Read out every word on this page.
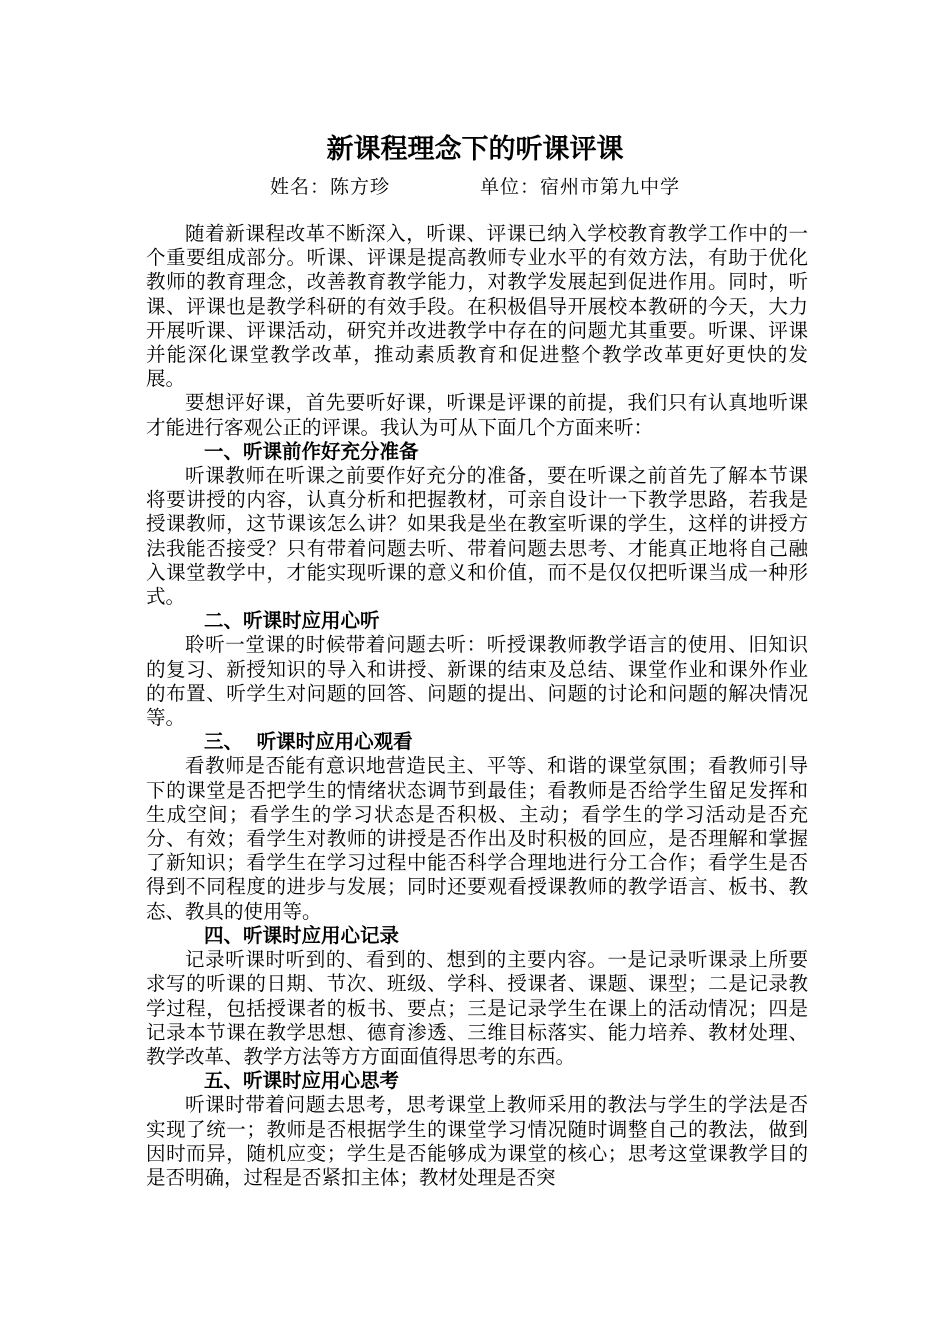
新课程理念下的听课评课
姓名：陈方珍	单位：宿州市第九中学

随着新课程改革不断深入，听课、评课已纳入学校教育教学工作中的一个重要组成部分。听课、评课是提高教师专业水平的有效方法，有助于优化教师的教育理念，改善教育教学能力，对教学发展起到促进作用。同时，听课、评课也是教学科研的有效手段。在积极倡导开展校本教研的今天，大力开展听课、评课活动，研究并改进教学中存在的问题尤其重要。听课、评课并能深化课堂教学改革，推动素质教育和促进整个教学改革更好更快的发展。

要想评好课，首先要听好课，听课是评课的前提，我们只有认真地听课才能进行客观公正的评课。我认为可从下面几个方面来听：

一、听课前作好充分准备

听课教师在听课之前要作好充分的准备，要在听课之前首先了解本节课将要讲授的内容，认真分析和把握教材，可亲自设计一下教学思路，若我是授课教师，这节课该怎么讲？如果我是坐在教室听课的学生，这样的讲授方法我能否接受？只有带着问题去听、带着问题去思考、才能真正地将自己融入课堂教学中，才能实现听课的意义和价值，而不是仅仅把听课当成一种形式。

二、听课时应用心听

聆听一堂课的时候带着问题去听：听授课教师教学语言的使用、旧知识的复习、新授知识的导入和讲授、新课的结束及总结、课堂作业和课外作业的布置、听学生对问题的回答、问题的提出、问题的讨论和问题的解决情况等。

三、  听课时应用心观看

看教师是否能有意识地营造民主、平等、和谐的课堂氛围；看教师引导下的课堂是否把学生的情绪状态调节到最佳；看教师是否给学生留足发挥和生成空间；看学生的学习状态是否积极、主动；看学生的学习活动是否充分、有效；看学生对教师的讲授是否作出及时积极的回应，是否理解和掌握了新知识；看学生在学习过程中能否科学合理地进行分工合作；看学生是否得到不同程度的进步与发展；同时还要观看授课教师的教学语言、板书、教态、教具的使用等。

四、听课时应用心记录

记录听课时听到的、看到的、想到的主要内容。一是记录听课录上所要求写的听课的日期、节次、班级、学科、授课者、课题、课型；二是记录教学过程，包括授课者的板书、要点；三是记录学生在课上的活动情况；四是记录本节课在教学思想、德育渗透、三维目标落实、能力培养、教材处理、教学改革、教学方法等方方面面值得思考的东西。

五、听课时应用心思考

听课时带着问题去思考，思考课堂上教师采用的教法与学生的学法是否实现了统一；教师是否根据学生的课堂学习情况随时调整自己的教法，做到因时而异，随机应变；学生是否能够成为课堂的核心；思考这堂课教学目的是否明确，过程是否紧扣主体；教材处理是否突
